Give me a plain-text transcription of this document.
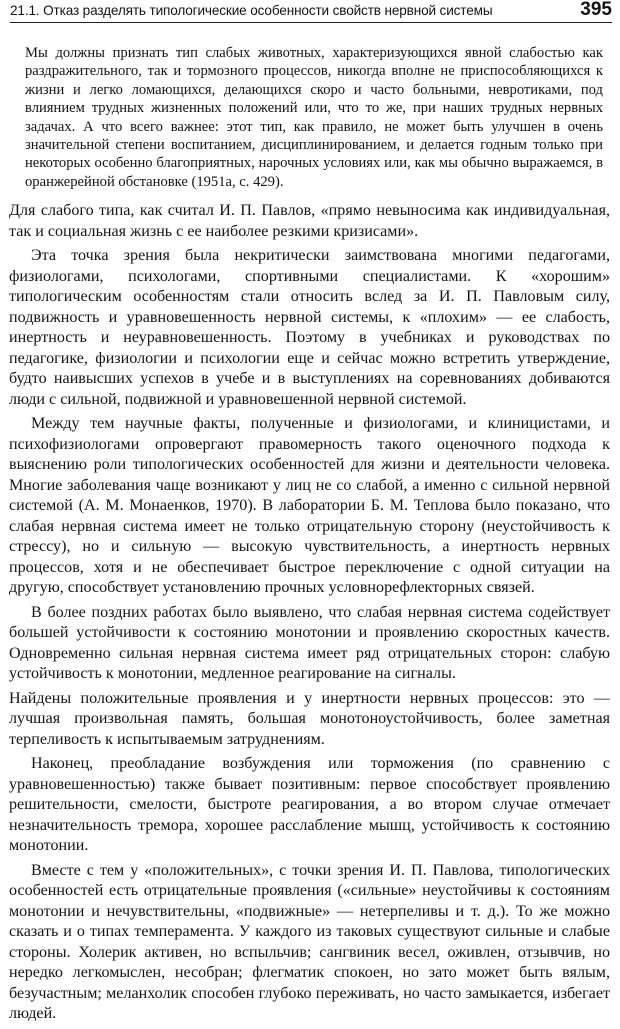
21.1. Отказ разделять типологические особенности свойств нервной системы	395

Мы должны признать тип слабых животных, характеризующихся явной слабостью как раздражительного, так и тормозного процессов, никогда вполне не приспособляющихся к жизни и легко ломающихся, делающихся скоро и часто больными, невротиками, под влиянием трудных жизненных положений или, что то же, при наших трудных нервных задачах. А что всего важнее: этот тип, как правило, не может быть улучшен в очень значительной степени воспитанием, дисциплинированием, и делается годным только при некоторых особенно благоприятных, нарочных условиях или, как мы обычно выражаемся, в оранжерейной обстановке (1951а, с. 429).

Для слабого типа, как считал И. П. Павлов, «прямо невыносима как индивидуальная, так и социальная жизнь с ее наиболее резкими кризисами».

Эта точка зрения была некритически заимствована многими педагогами, физиологами, психологами, спортивными специалистами. К «хорошим» типологическим особенностям стали относить вслед за И. П. Павловым силу, подвижность и уравновешенность нервной системы, к «плохим» — ее слабость, инертность и неуравновешенность. Поэтому в учебниках и руководствах по педагогике, физиологии и психологии еще и сейчас можно встретить утверждение, будто наивысших успехов в учебе и в выступлениях на соревнованиях добиваются люди с сильной, подвижной и уравновешенной нервной системой.

Между тем научные факты, полученные и физиологами, и клиницистами, и психофизиологами опровергают правомерность такого оценочного подхода к выяснению роли типологических особенностей для жизни и деятельности человека. Многие заболевания чаще возникают у лиц не со слабой, а именно с сильной нервной системой (А. М. Монаенков, 1970). В лаборатории Б. М. Теплова было показано, что слабая нервная система имеет не только отрицательную сторону (неустойчивость к стрессу), но и сильную — высокую чувствительность, а инертность нервных процессов, хотя и не обеспечивает быстрое переключение с одной ситуации на другую, способствует установлению прочных условнорефлекторных связей.

В более поздних работах было выявлено, что слабая нервная система содействует большей устойчивости к состоянию монотонии и проявлению скоростных качеств. Одновременно сильная нервная система имеет ряд отрицательных сторон: слабую устойчивость к монотонии, медленное реагирование на сигналы.

Найдены положительные проявления и у инертности нервных процессов: это — лучшая произвольная память, большая монотоноустойчивость, более заметная терпеливость к испытываемым затруднениям.

Наконец, преобладание возбуждения или торможения (по сравнению с уравновешенностью) также бывает позитивным: первое способствует проявлению решительности, смелости, быстроте реагирования, а во втором случае отмечает незначительность тремора, хорошее расслабление мышц, устойчивость к состоянию монотонии.

Вместе с тем у «положительных», с точки зрения И. П. Павлова, типологических особенностей есть отрицательные проявления («сильные» неустойчивы к состояниям монотонии и нечувствительны, «подвижные» — нетерпеливы и т. д.). То же можно сказать и о типах темперамента. У каждого из таковых существуют сильные и слабые стороны. Холерик активен, но вспыльчив; сангвиник весел, оживлен, отзывчив, но нередко легкомыслен, несобран; флегматик спокоен, но зато может быть вялым, безучастным; меланхолик способен глубоко переживать, но часто замыкается, избегает людей.
